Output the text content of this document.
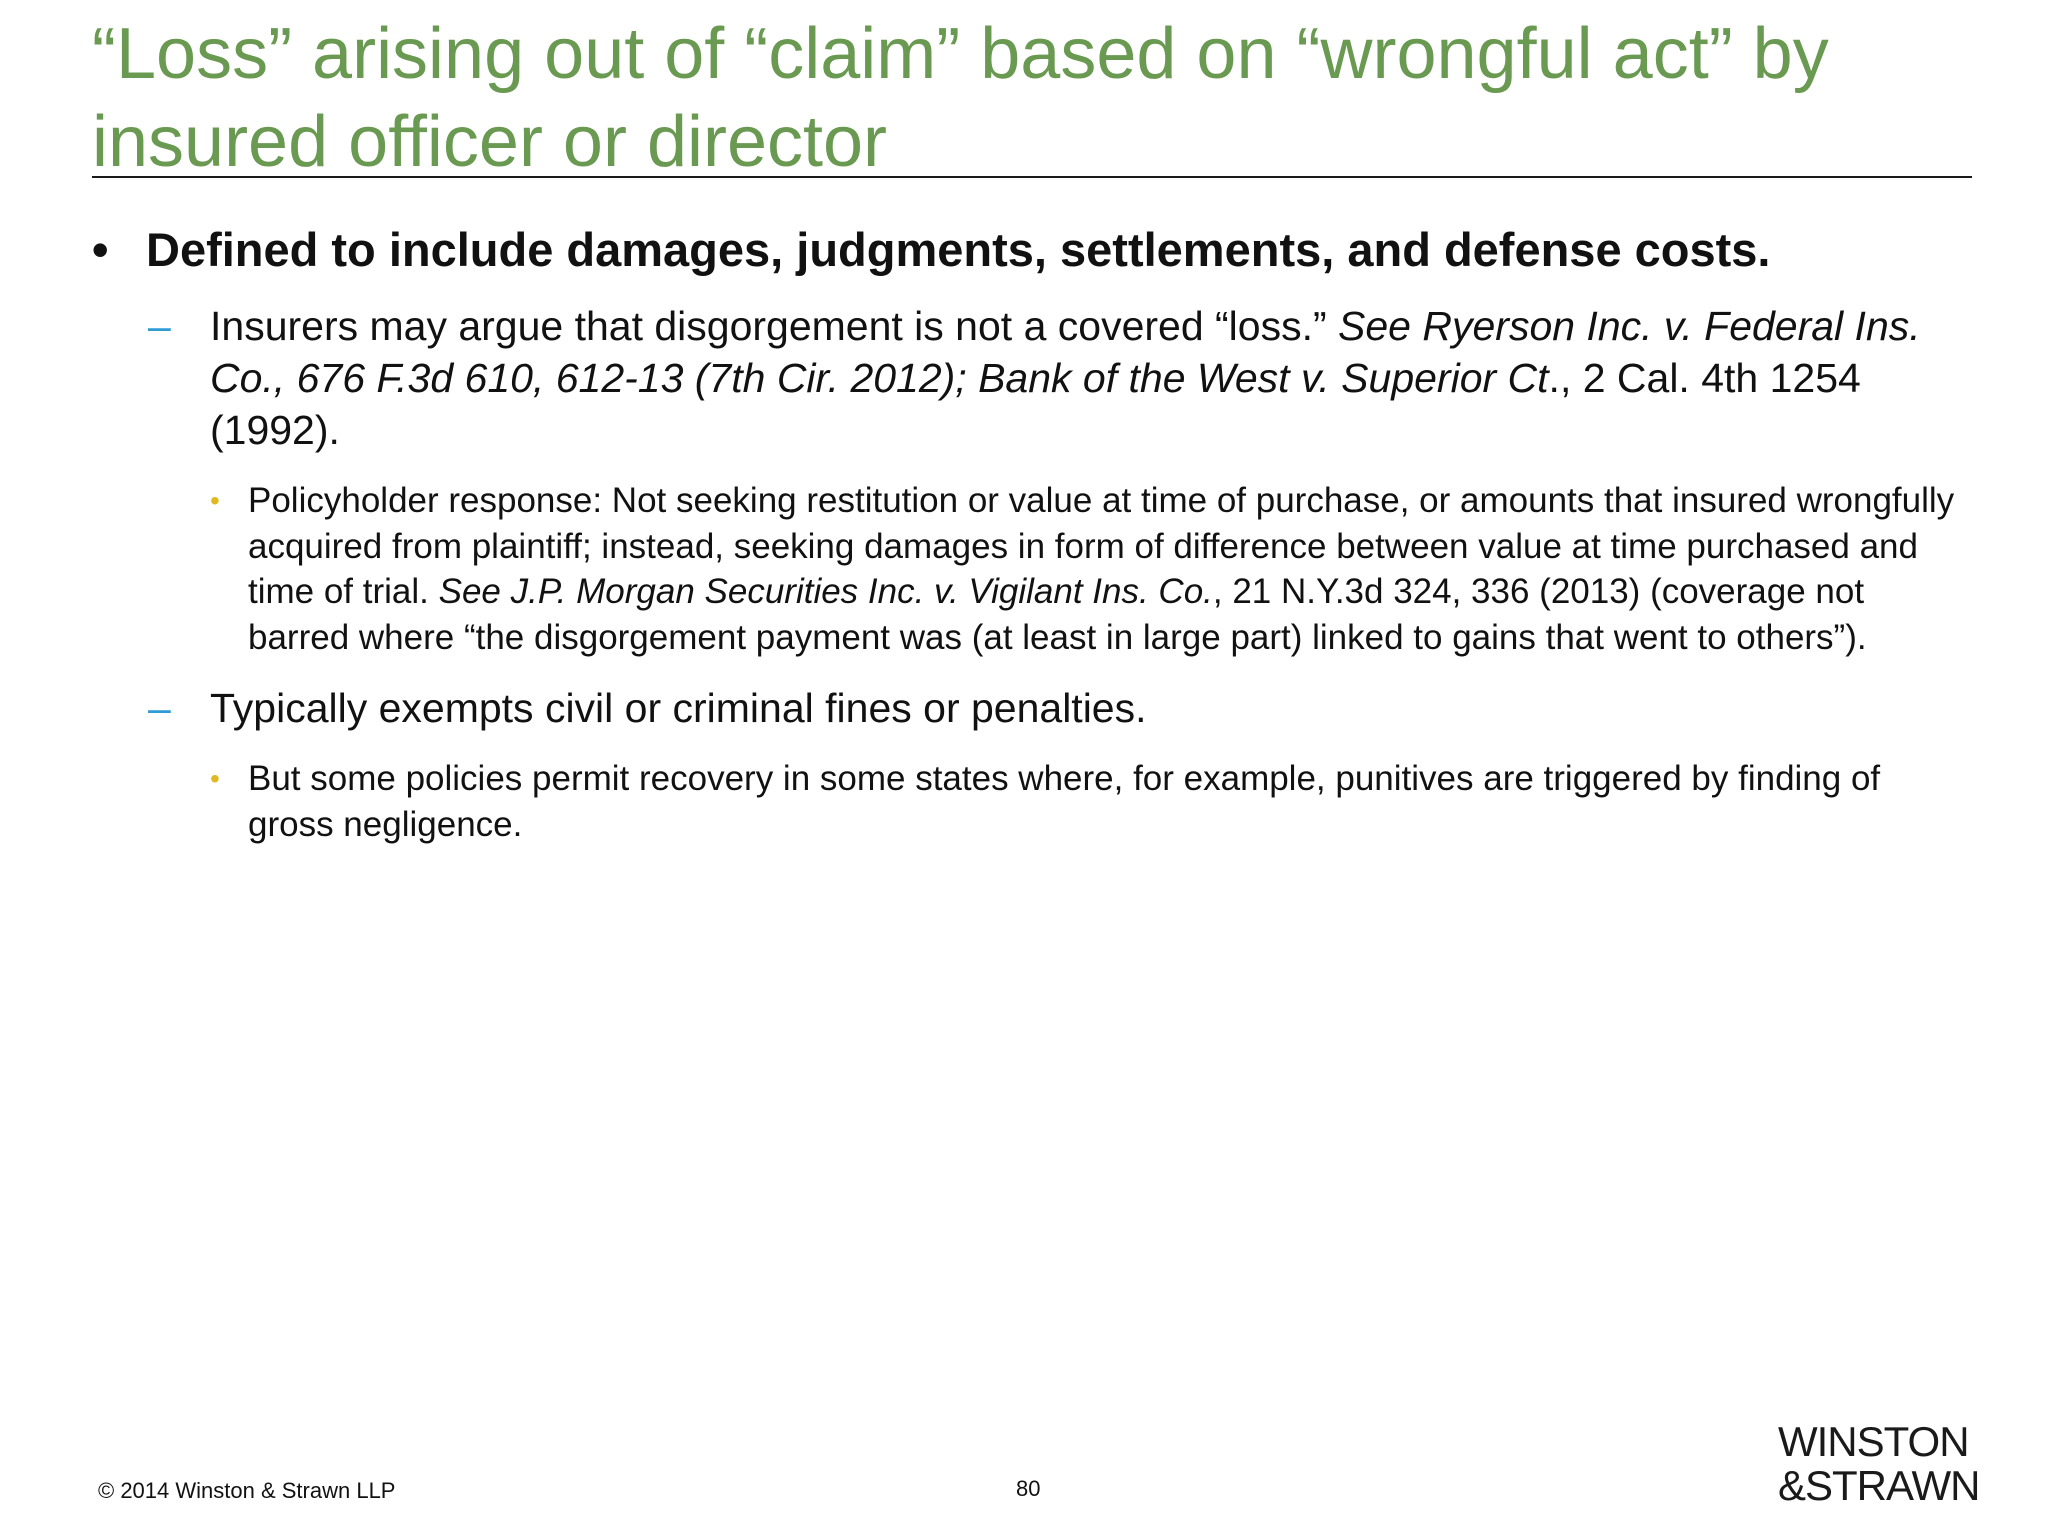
“Loss” arising out of “claim” based on “wrongful act” by insured officer or director
• Defined to include damages, judgments, settlements, and defense costs.
– Insurers may argue that disgorgement is not a covered “loss.” See Ryerson Inc. v. Federal Ins. Co., 676 F.3d 610, 612-13 (7th Cir. 2012); Bank of the West v. Superior Ct., 2 Cal. 4th 1254 (1992).
• Policyholder response: Not seeking restitution or value at time of purchase, or amounts that insured wrongfully acquired from plaintiff; instead, seeking damages in form of difference between value at time purchased and time of trial. See J.P. Morgan Securities Inc. v. Vigilant Ins. Co., 21 N.Y.3d 324, 336 (2013) (coverage not barred where “the disgorgement payment was (at least in large part) linked to gains that went to others”).
– Typically exempts civil or criminal fines or penalties.
• But some policies permit recovery in some states where, for example, punitives are triggered by finding of gross negligence.
© 2014 Winston & Strawn LLP	80
WINSTON
&STRAWN
